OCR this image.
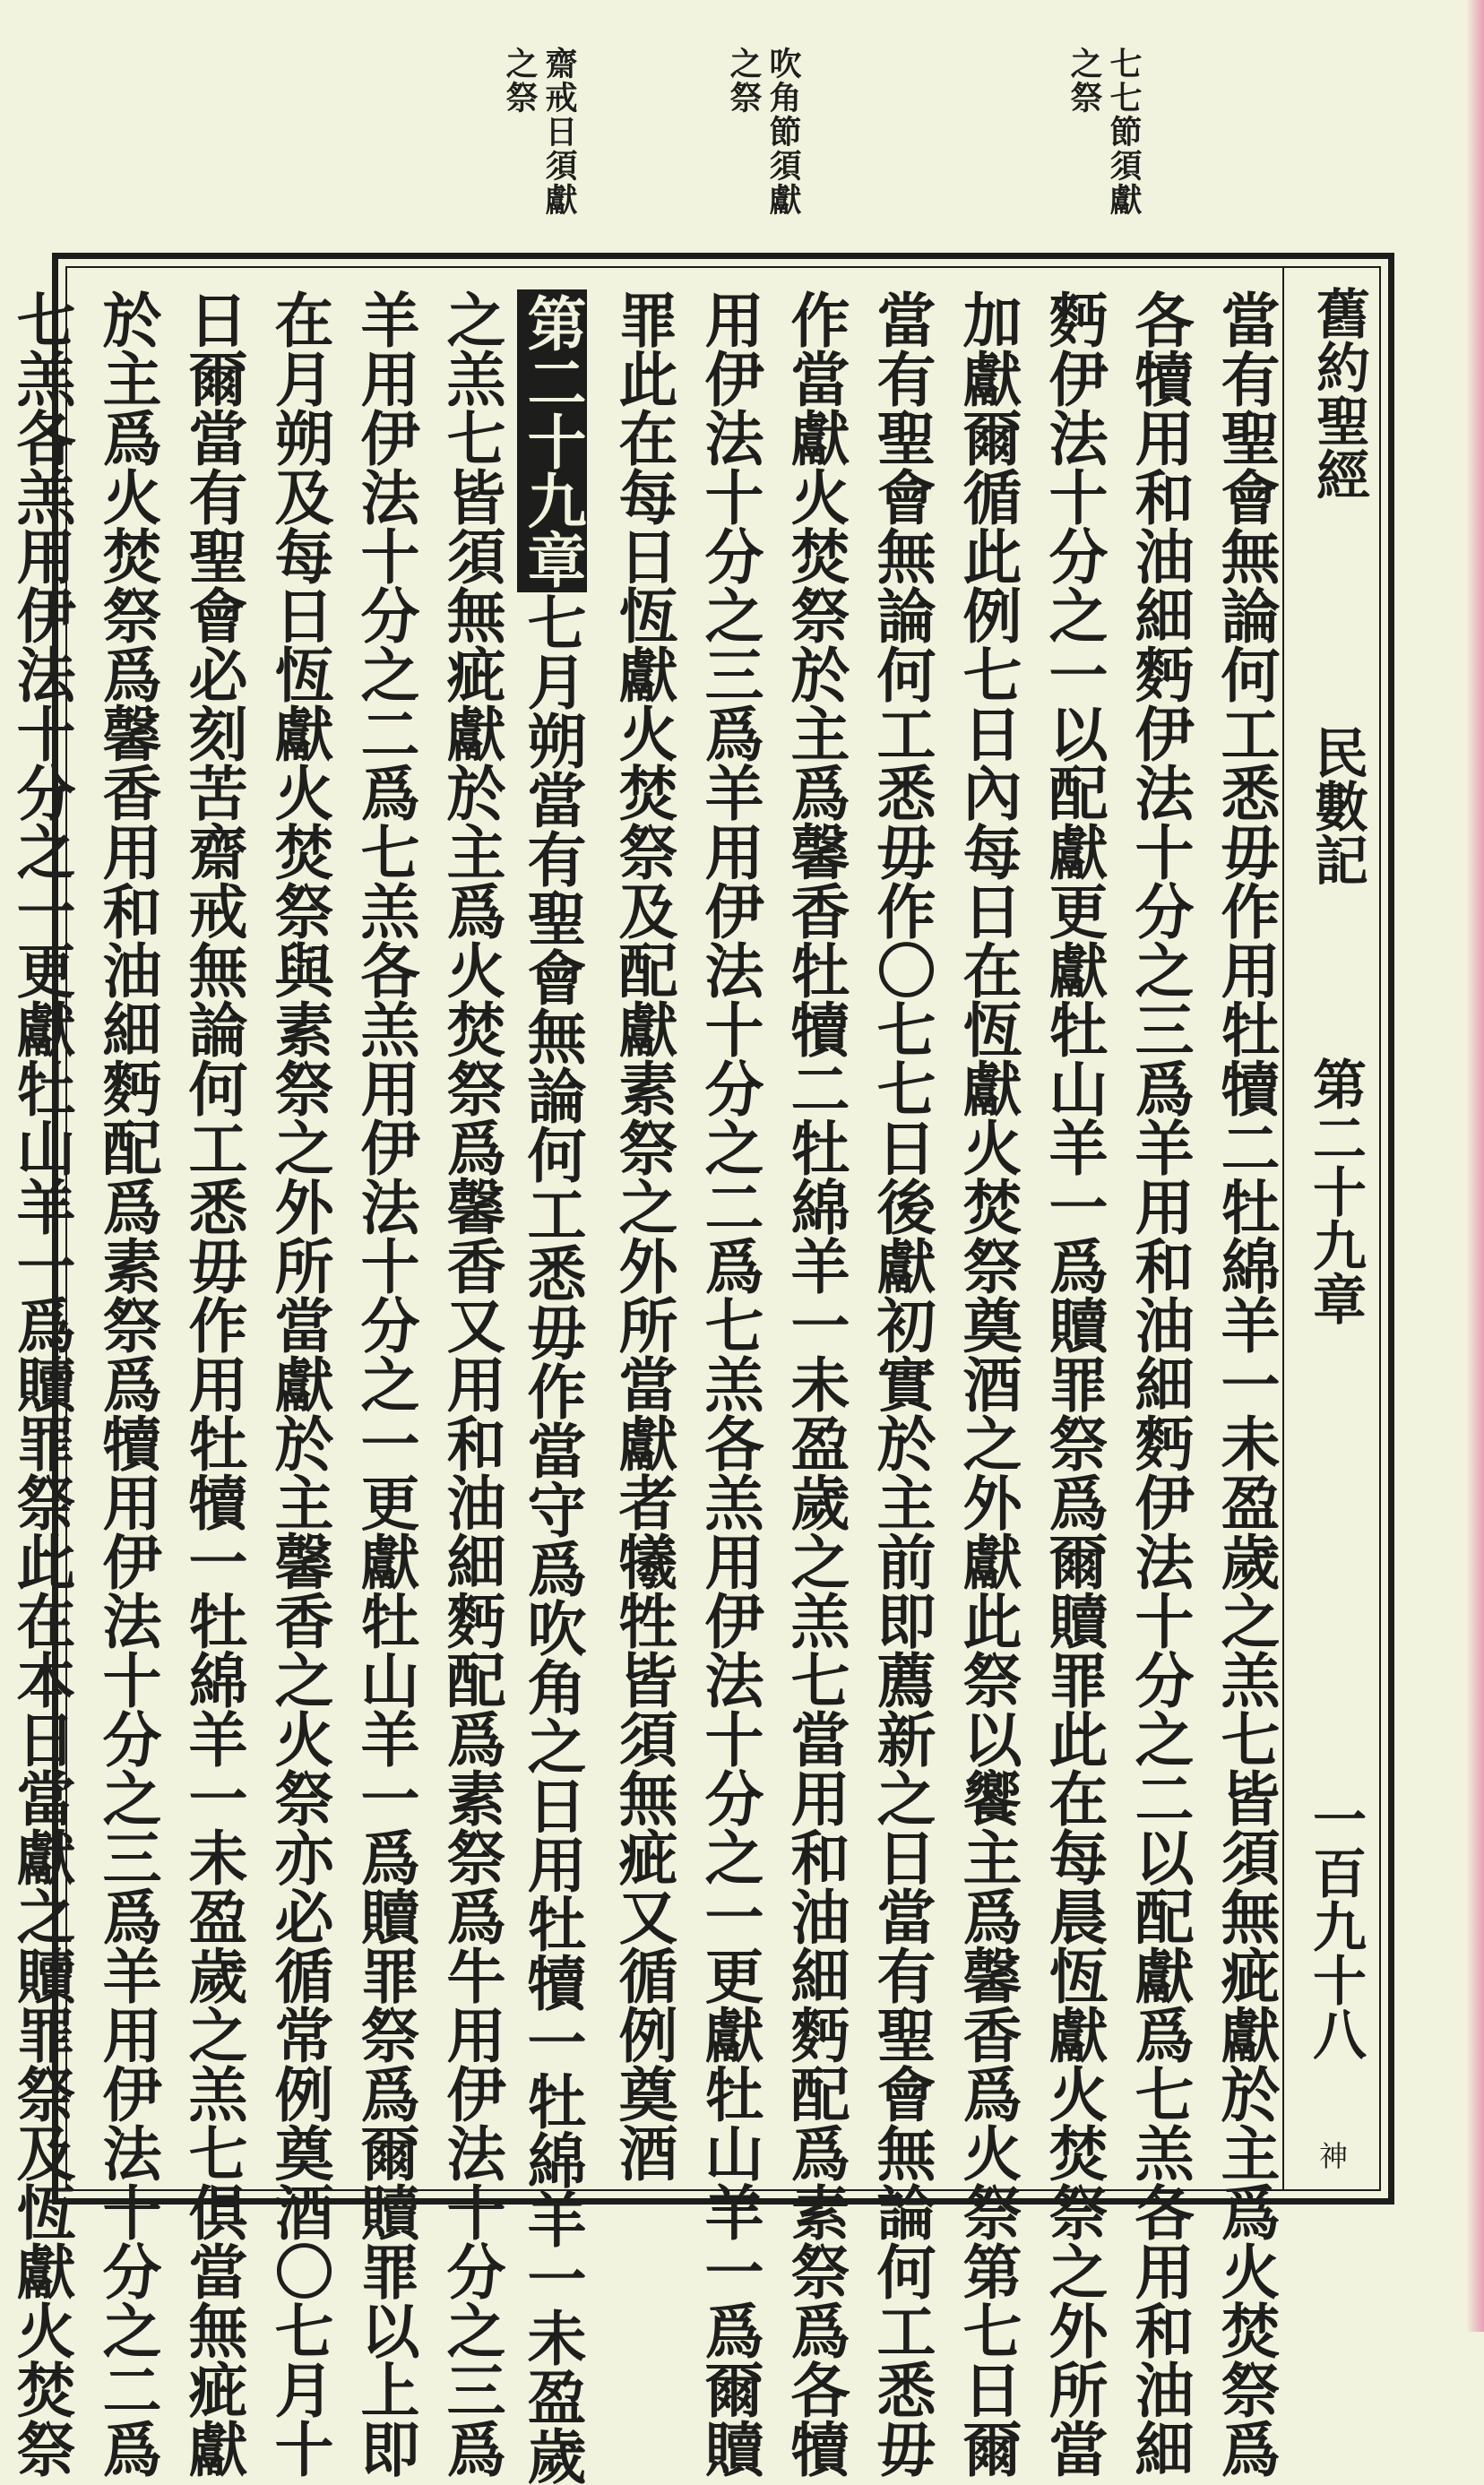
七七節須獻
之祭
吹角節須獻
之祭
齋戒日須獻
之祭
舊約聖經
民數記
第二十九章
一百九十八
神
當有聖會無論何工悉毋作用牡犢二牡綿羊一未盈歲之羔七皆須無疵獻於主爲火焚祭爲
各犢用和油細麪伊法十分之三爲羊用和油細麪伊法十分之二以配獻爲七羔各用和油細
麪伊法十分之一以配獻更獻牡山羊一爲贖罪祭爲爾贖罪此在每晨恆獻火焚祭之外所當
加獻爾循此例七日內每日在恆獻火焚祭奠酒之外獻此祭以饗主爲馨香爲火祭第七日爾
當有聖會無論何工悉毋作〇七七日後獻初實於主前即薦新之日當有聖會無論何工悉毋
作當獻火焚祭於主爲馨香牡犢二牡綿羊一未盈歲之羔七當用和油細麪配爲素祭爲各犢
用伊法十分之三爲羊用伊法十分之二爲七羔各羔用伊法十分之一更獻牡山羊一爲爾贖
罪此在每日恆獻火焚祭及配獻素祭之外所當獻者犧牲皆須無疵又循例奠酒
第二十九章七月朔當有聖會無論何工悉毋作當守爲吹角之日用牡犢一牡綿羊一未盈歲
之羔七皆須無疵獻於主爲火焚祭爲馨香又用和油細麪配爲素祭爲牛用伊法十分之三爲
羊用伊法十分之二爲七羔各羔用伊法十分之一更獻牡山羊一爲贖罪祭爲爾贖罪以上即
在月朔及每日恆獻火焚祭與素祭之外所當獻於主馨香之火祭亦必循常例奠酒〇七月十
日爾當有聖會必刻苦齋戒無論何工悉毋作用牡犢一牡綿羊一未盈歲之羔七俱當無疵獻
於主爲火焚祭爲馨香用和油細麪配爲素祭爲犢用伊法十分之三爲羊用伊法十分之二爲
七羔各羔用伊法十分之一更獻牡山羊一爲贖罪祭此在本日當獻之贖罪祭及恆獻火焚祭
